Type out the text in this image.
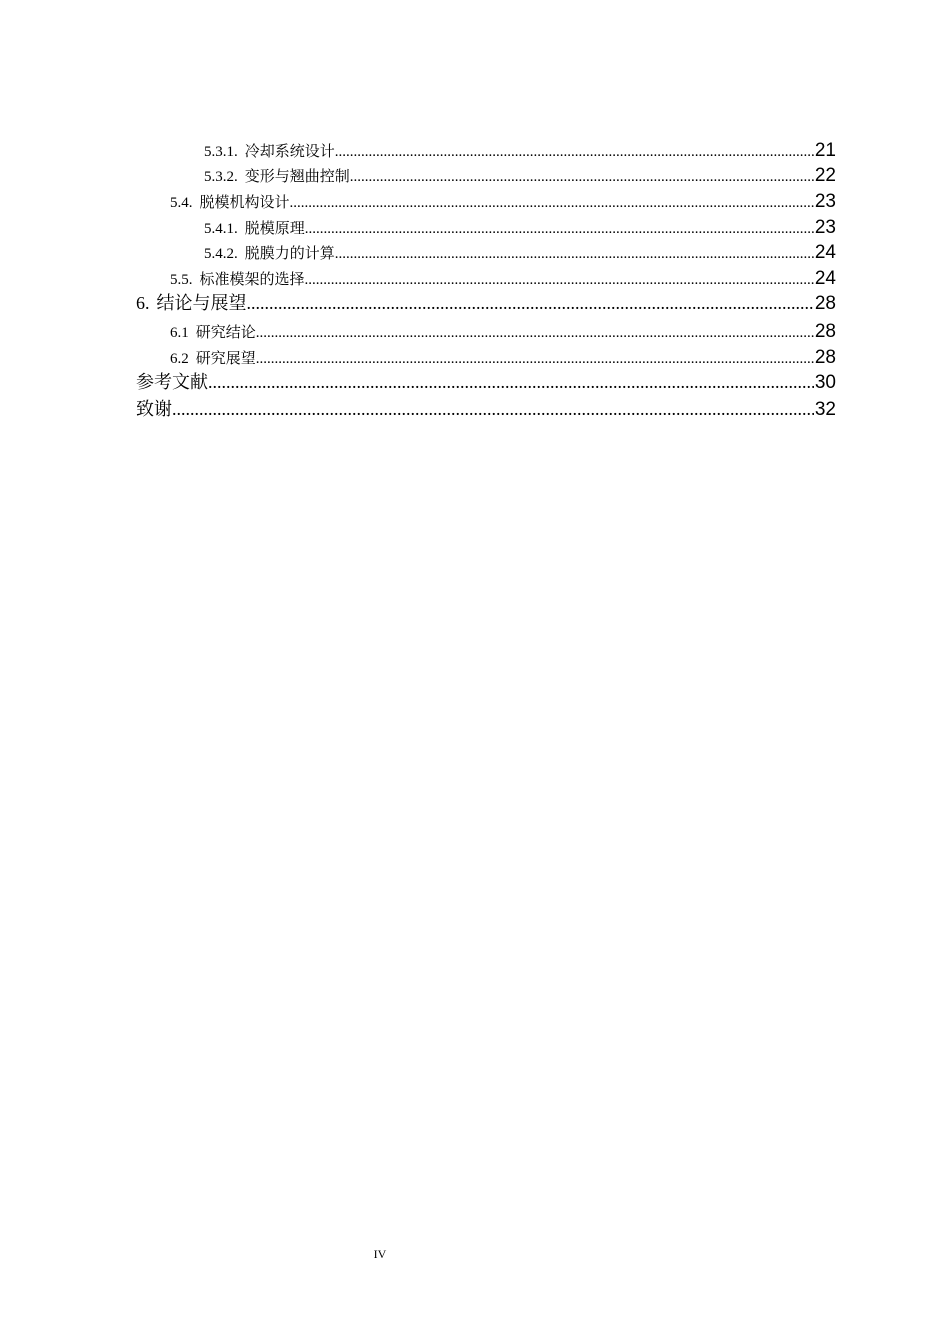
5.3.1. 冷却系统设计 .....	21
5.3.2. 变形与翘曲控制 .....	22
5.4. 脱模机构设计 .....	23
5.4.1. 脱模原理 .....	23
5.4.2. 脱膜力的计算 .....	24
5.5. 标准模架的选择 .....	24
6. 结论与展望 .....	28
6.1 研究结论 .....	28
6.2 研究展望 .....	28
参考文献 .....	30
致谢 .....	32
IV
